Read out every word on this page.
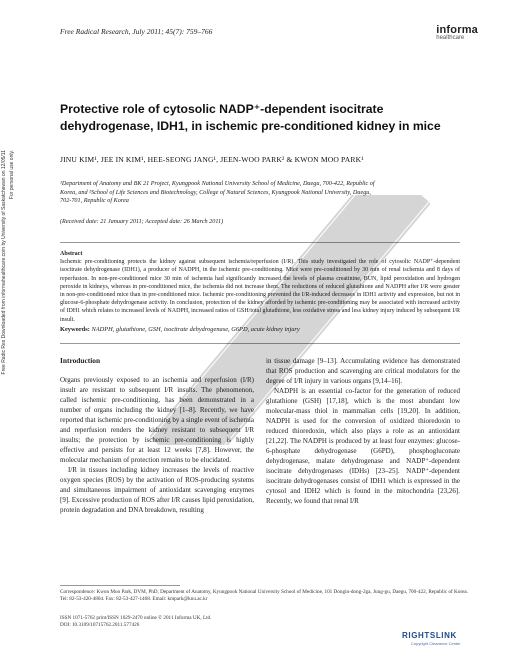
Free Radic Res Downloaded from informahealthcare.com by University of Saskatchewan on 12/05/11 For personal use only.
Free Radical Research, July 2011; 45(7): 759–766	informa
healthcare
Protective role of cytosolic NADP⁺-dependent isocitrate
dehydrogenase, IDH1, in ischemic pre-conditioned kidney in mice
JINU KIM¹, JEE IN KIM¹, HEE-SEONG JANG¹, JEEN-WOO PARK² & KWON MOO PARK¹
¹Department of Anatomy and BK 21 Project, Kyungpook National University School of Medicine, Daegu, 700-422, Republic of
Korea, and ²School of Life Sciences and Biotechnology, College of Natural Sciences, Kyungpook National University, Daegu,
702-701, Republic of Korea
(Received date: 21 January 2011; Accepted date: 26 March 2011)
Abstract
Ischemic pre-conditioning protects the kidney against subsequent ischemia/reperfusion (I/R). This study investigated the role of cytosolic NADP⁺-dependent isocitrate dehydrogenase (IDH1), a producer of NADPH, in the ischemic pre-conditioning. Mice were pre-conditioned by 30 min of renal ischemia and 8 days of reperfusion. In non-pre-conditioned mice 30 min of ischemia had significantly increased the levels of plasma creatinine, BUN, lipid peroxidation and hydrogen peroxide in kidneys, whereas in pre-conditioned mice, the ischemia did not increase them. The reductions of reduced glutathione and NADPH after I/R were greater in non-pre-conditioned mice than in pre-conditioned mice. Ischemic pre-conditioning prevented the I/R-induced decreases in IDH1 activity and expression, but not in glucose-6-phosphate dehydrogenase activity. In conclusion, protection of the kidney afforded by ischemic pre-conditioning may be associated with increased activity of IDH1 which relates to increased levels of NADPH, increased ratios of GSH/total glutathione, less oxidative stress and less kidney injury induced by subsequent I/R insult.
Keywords: NADPH, glutathione, GSH, isocitrate dehydrogenase, G6PD, acute kidney injury
Introduction

Organs previously exposed to an ischemia and reperfusion (I/R) insult are resistant to subsequent I/R insults. The phenomenon, called ischemic pre-conditioning, has been demonstrated in a number of organs including the kidney [1–8]. Recently, we have reported that ischemic pre-conditioning by a single event of ischemia and reperfusion renders the kidney resistant to subsequent I/R insults; the protection by ischemic pre-conditioning is highly effective and persists for at least 12 weeks [7,8]. However, the molecular mechanism of protection remains to be elucidated.

I/R in tissues including kidney increases the levels of reactive oxygen species (ROS) by the activation of ROS-producing systems and simultaneous impairment of antioxidant scavenging enzymes [9]. Excessive production of ROS after I/R causes lipid peroxidation, protein degradation and DNA breakdown, resulting

in tissue damage [9–13]. Accumulating evidence has demonstrated that ROS production and scavenging are critical modulators for the degree of I/R injury in various organs [9,14–16].

NADPH is an essential co-factor for the generation of reduced glutathione (GSH) [17,18], which is the most abundant low molecular-mass thiol in mammalian cells [19,20]. In addition, NADPH is used for the conversion of oxidized thioredoxin to reduced thioredoxin, which also plays a role as an antioxidant [21,22]. The NADPH is produced by at least four enzymes: glucose-6-phosphate dehydrogenase (G6PD), phosphogluconate dehydrogenase, malate dehydrogenase and NADP⁺-dependent isocitrate dehydrogenases (IDHs) [23–25]. NADP⁺-dependent isocitrate dehydrogenases consist of IDH1 which is expressed in the cytosol and IDH2 which is found in the mitochondria [23,26]. Recently, we found that renal I/R

Correspondence: Kwon Moo Park, DVM, PhD, Department of Anatomy, Kyungpook National University School of Medicine, 101 Dongin-dong-2ga, Jung-gu, Daegu, 700-422, Republic of Korea. Tel: 82-53-420-4804. Fax: 82-53-427-1468. Email: kmpark@knu.ac.kr
ISSN 1071-5762 print/ISSN 1029-2470 online © 2011 Informa UK, Ltd.
DOI: 10.3109/10715762.2011.577426
RIGHTSLINK
Copyright Clearance Center
